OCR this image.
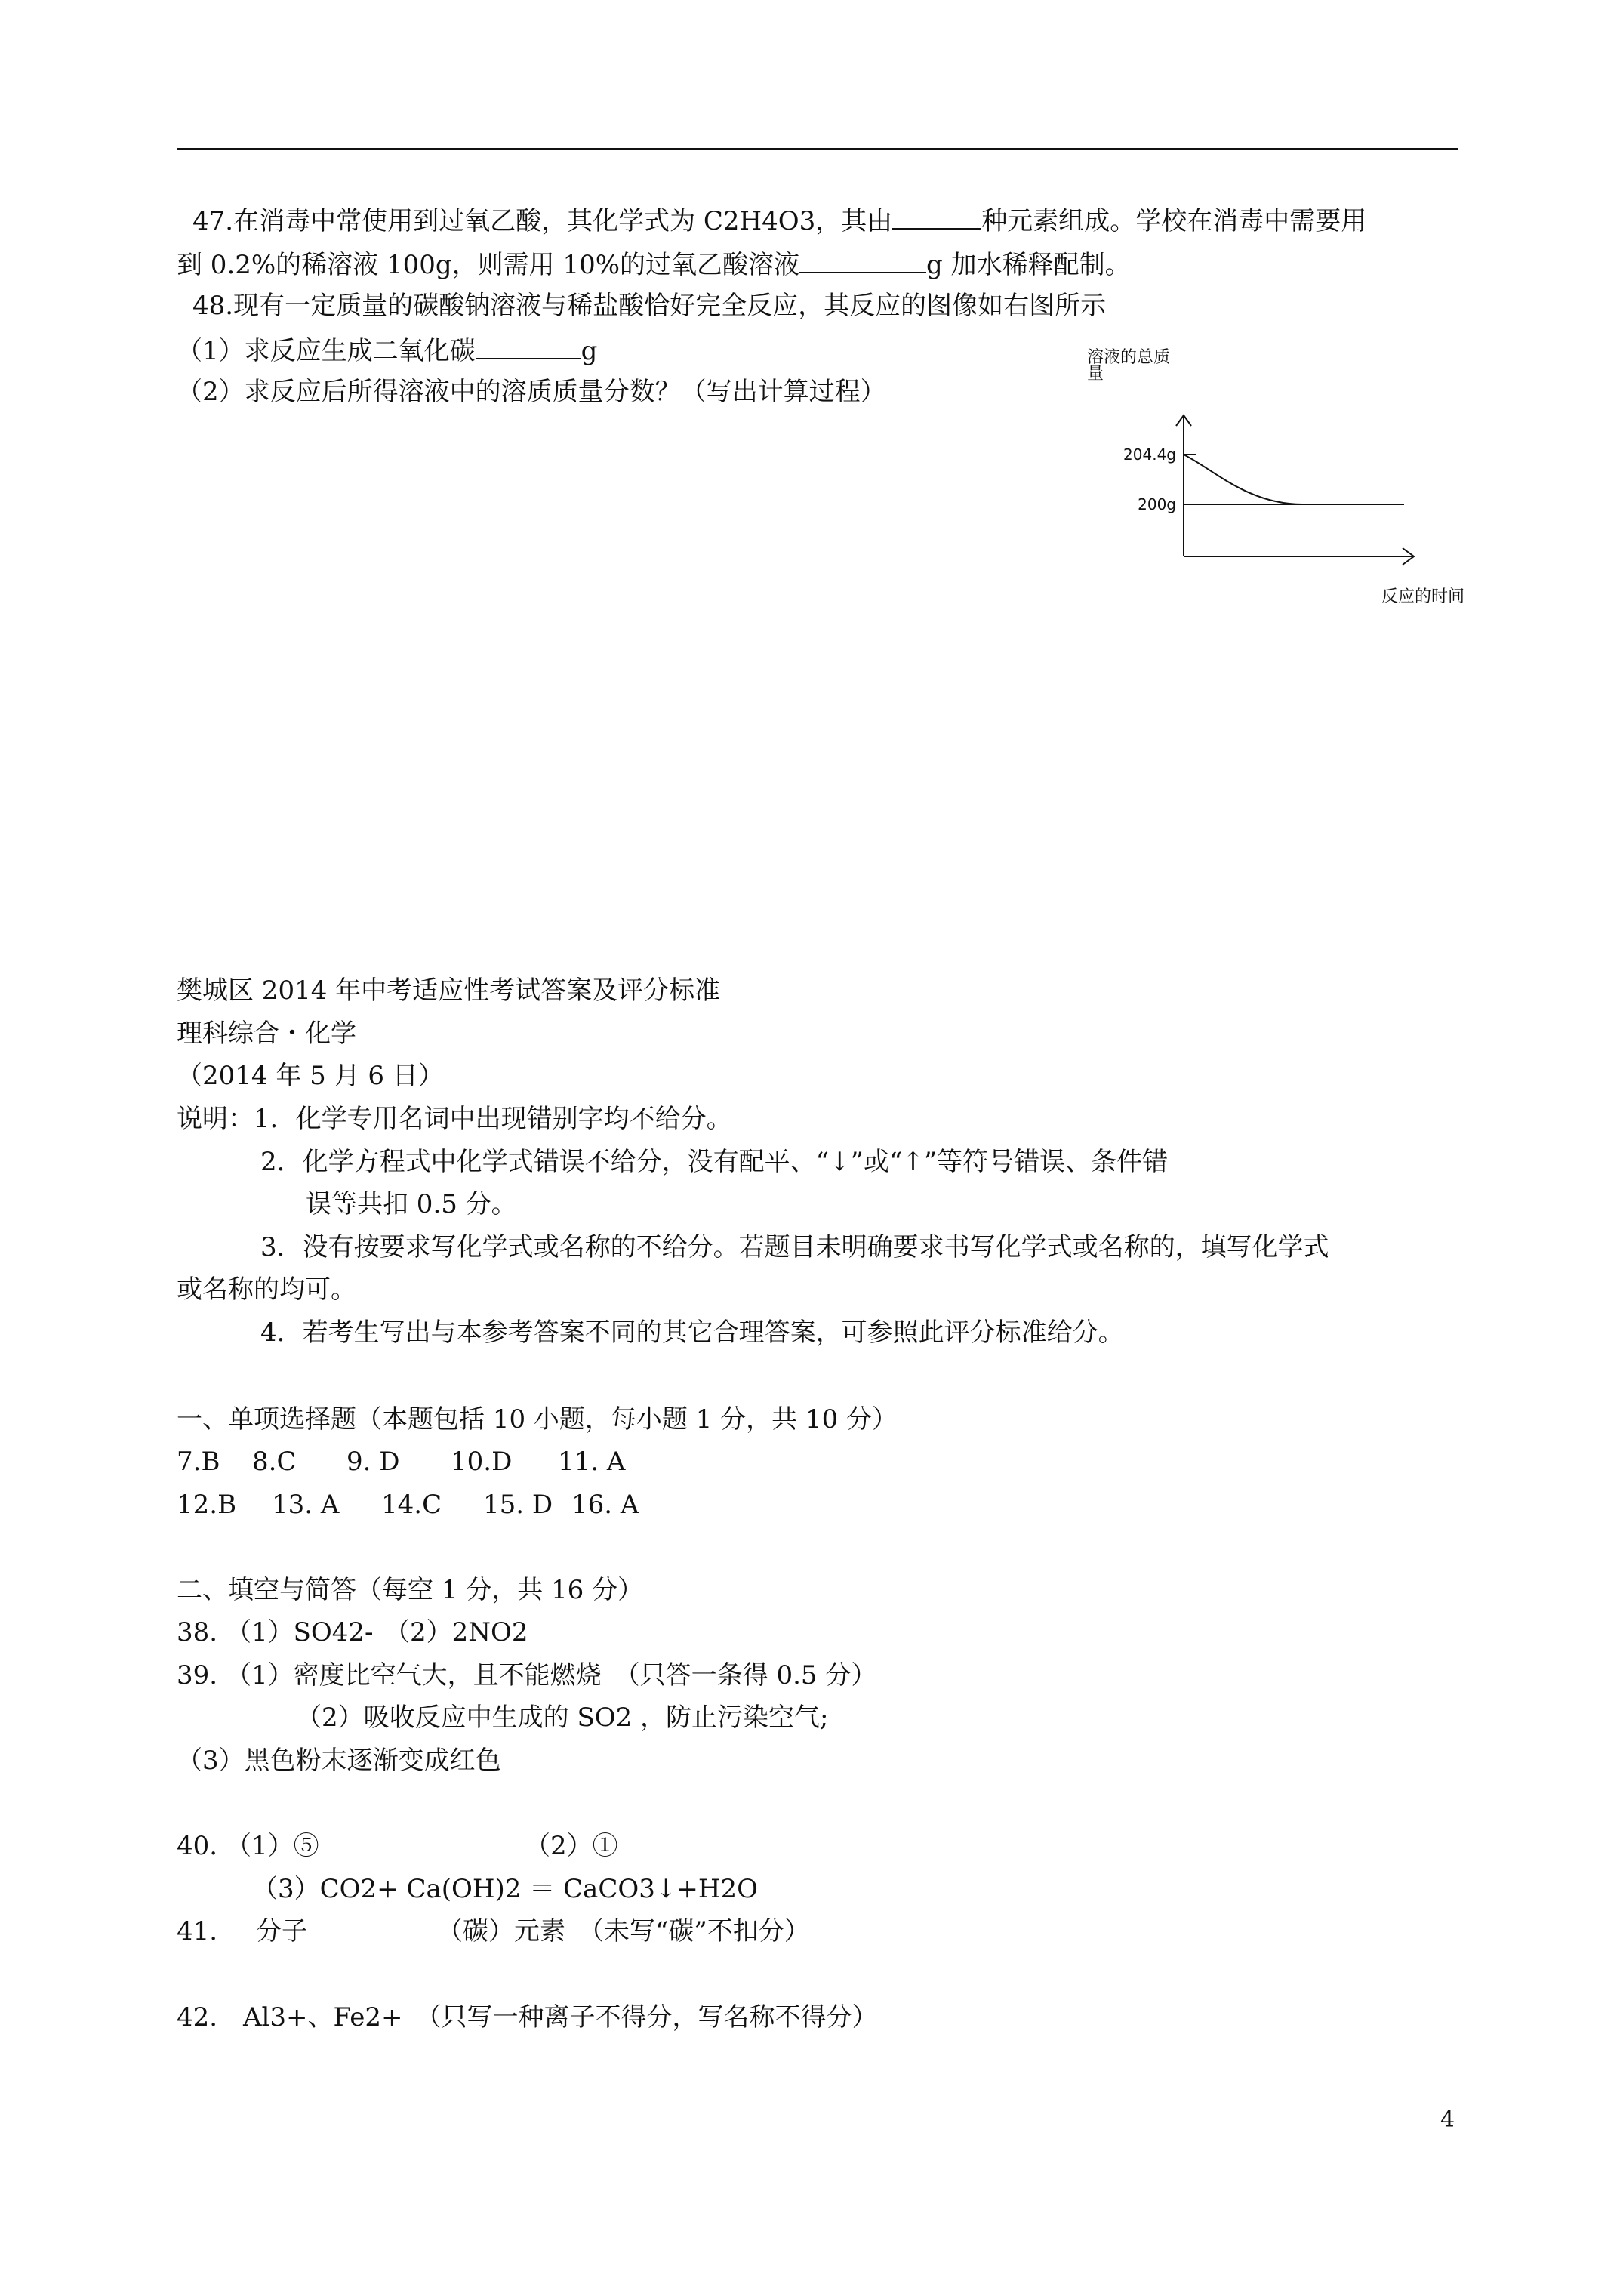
47.在消毒中常使用到过氧乙酸，其化学式为 C2H4O3，其由	种元素组成。学校在消毒中需要用
到 0.2%的稀溶液 100g，则需用 10%的过氧乙酸溶液	g 加水稀释配制。
48.现有一定质量的碳酸钠溶液与稀盐酸恰好完全反应，其反应的图像如右图所示
（1）求反应生成二氧化碳	g
（2）求反应后所得溶液中的溶质质量分数？（写出计算过程）
溶液的总质
量
204.4g
200g
反应的时间
樊城区 2014 年中考适应性考试答案及评分标准
理科综合・化学
（2014 年 5 月 6 日）
说明：1．化学专用名词中出现错别字均不给分。
2．化学方程式中化学式错误不给分，没有配平、“↓”或“↑”等符号错误、条件错
误等共扣 0.5 分。
3．没有按要求写化学式或名称的不给分。若题目未明确要求书写化学式或名称的，填写化学式
或名称的均可。
4．若考生写出与本参考答案不同的其它合理答案，可参照此评分标准给分。
一、单项选择题（本题包括 10 小题，每小题 1 分，共 10 分）
7.B 8.C 9. D 10.D 11. A
12.B 13. A 14.C 15. D 16. A
二、填空与简答（每空 1 分，共 16 分）
38. （1）SO42- （2）2NO2
39. （1）密度比空气大，且不能燃烧　（只答一条得 0.5 分）
（2）吸收反应中生成的 SO2 ，防止污染空气;
（3）黑色粉末逐渐变成红色
40. （1）⑤	（2）①
（3）CO2+ Ca(OH)2 ＝ CaCO3↓+H2O
41. 分子	（碳）元素　（未写“碳”不扣分）
42. Al3+、Fe2+　（只写一种离子不得分，写名称不得分）
4
